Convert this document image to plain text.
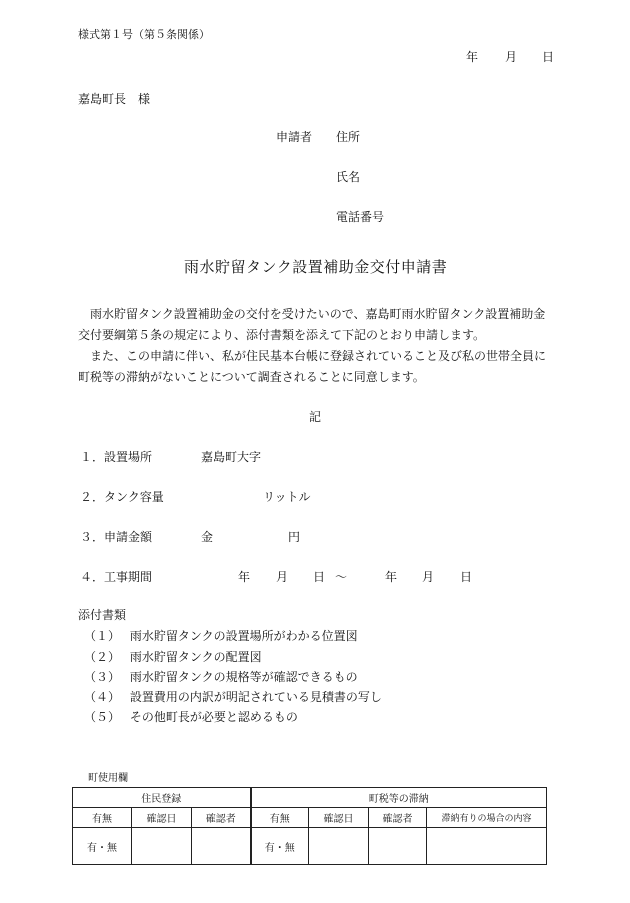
様式第１号（第５条関係）
年 月 日
嘉島町長　様
申請者 住所
氏名
電話番号
雨水貯留タンク設置補助金交付申請書

雨水貯留タンク設置補助金の交付を受けたいので、嘉島町雨水貯留タンク設置補助金

交付要綱第５条の規定により、添付書類を添えて下記のとおり申請します。

また、この申請に伴い、私が住民基本台帳に登録されていること及び私の世帯全員に

町税等の滞納がないことについて調査されることに同意します。

記
１．設置場所	嘉島町大字
２．タンク容量	リットル
３．申請金額	金	円
４．工事期間	年 月 日 ～	年 月 日
添付書類
（１） 雨水貯留タンクの設置場所がわかる位置図
（２） 雨水貯留タンクの配置図
（３） 雨水貯留タンクの規格等が確認できるもの
（４） 設置費用の内訳が明記されている見積書の写し
（５） その他町長が必要と認めるもの
町使用欄
住民登録			町税等の滞納			
有無	確認日	確認者	有無	確認日	確認者	滞納有りの場合の内容
有・無			有・無			
